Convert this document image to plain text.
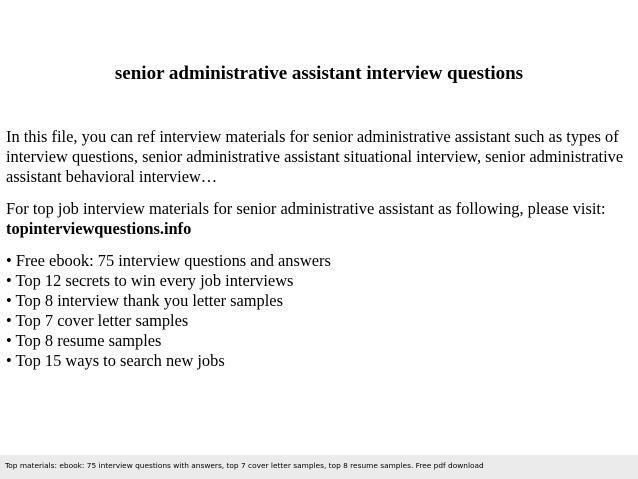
senior administrative assistant interview questions

In this file, you can ref interview materials for senior administrative assistant such as types of interview questions, senior administrative assistant situational interview, senior administrative assistant behavioral interview…

For top job interview materials for senior administrative assistant as following, please visit: topinterviewquestions.info

• Free ebook: 75 interview questions and answers
• Top 12 secrets to win every job interviews
• Top 8 interview thank you letter samples
• Top 7 cover letter samples
• Top 8 resume samples
• Top 15 ways to search new jobs
Top materials: ebook: 75 interview questions with answers, top 7 cover letter samples, top 8 resume samples. Free pdf download
